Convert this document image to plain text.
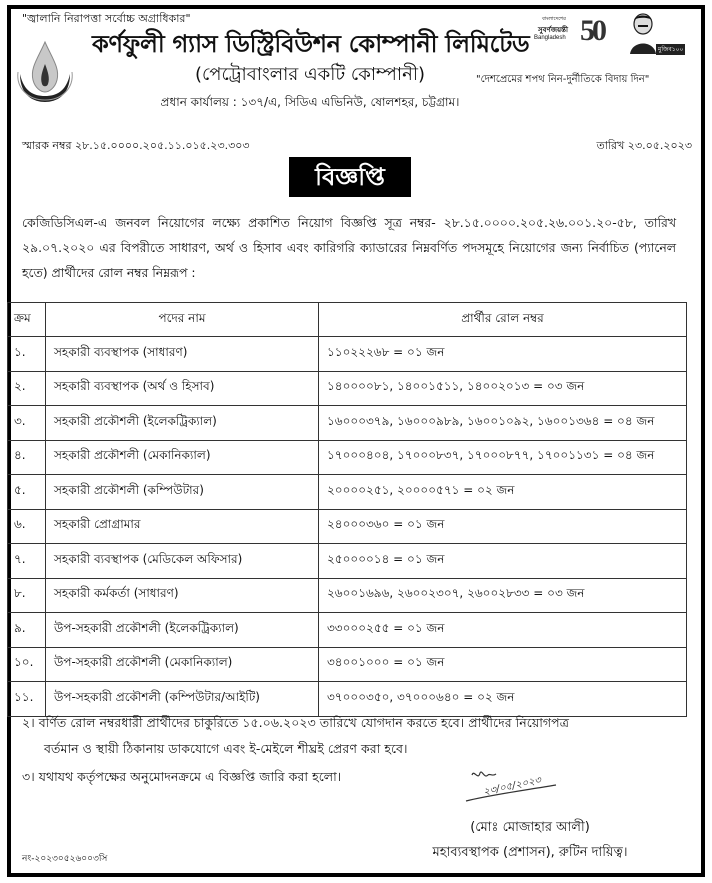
"জ্বালানি নিরাপত্তা সর্বোচ্চ অগ্রাধিকার"
কর্ণফুলী গ্যাস ডিস্ট্রিবিউশন কোম্পানী লিমিটেড
(পেট্রোবাংলার একটি কোম্পানী)	"দেশপ্রেমের শপথ নিন-দুর্নীতিকে বিদায় দিন"
প্রধান কার্যালয় : ১৩৭/এ, সিডিএ এভিনিউ, ষোলশহর, চট্টগ্রাম।
বাংলাদেশের
সুবর্ণজয়ন্তী
Bangladesh 50
মুজিব১০০
স্মারক নম্বর ২৮.১৫.০০০০.২০৫.১১.০১৫.২৩.৩০৩	তারিখ ২৩.০৫.২০২৩
বিজ্ঞপ্তি
কেজিডিসিএল-এ জনবল নিয়োগের লক্ষ্যে প্রকাশিত নিয়োগ বিজ্ঞপ্তি সূত্র নম্বর- ২৮.১৫.০০০০.২০৫.২৬.০০১.২০-৫৮, তারিখ ২৯.০৭.২০২০ এর বিপরীতে সাধারণ, অর্থ ও হিসাব এবং কারিগরি ক্যাডারের নিম্নবর্ণিত পদসমূহে নিয়োগের জন্য নির্বাচিত (প্যানেল হতে) প্রার্থীদের রোল নম্বর নিম্নরূপ :
ক্রম	পদের নাম	প্রার্থীর রোল নম্বর
১.	সহকারী ব্যবস্থাপক (সাধারণ)	১১০২২২৬৮ = ০১ জন
২.	সহকারী ব্যবস্থাপক (অর্থ ও হিসাব)	১৪০০০০৮১, ১৪০০১৫১১, ১৪০০২০১৩ = ০৩ জন
৩.	সহকারী প্রকৌশলী (ইলেকট্রিক্যাল)	১৬০০০৩৭৯, ১৬০০০৯৮৯, ১৬০০১০৯২, ১৬০০১৩৬৪ = ০৪ জন
৪.	সহকারী প্রকৌশলী (মেকানিক্যাল)	১৭০০০৪০৪, ১৭০০০৮৩৭, ১৭০০০৮৭৭, ১৭০০১১৩১ = ০৪ জন
৫.	সহকারী প্রকৌশলী (কম্পিউটার)	২০০০০২৫১, ২০০০০৫৭১ = ০২ জন
৬.	সহকারী প্রোগ্রামার	২৪০০০৩৬০ = ০১ জন
৭.	সহকারী ব্যবস্থাপক (মেডিকেল অফিসার)	২৫০০০০১৪ = ০১ জন
৮.	সহকারী কর্মকর্তা (সাধারণ)	২৬০০১৬৯৬, ২৬০০২৩০৭, ২৬০০২৮৩৩ = ০৩ জন
৯.	উপ-সহকারী প্রকৌশলী (ইলেকট্রিক্যাল)	৩৩০০০২৫৫ = ০১ জন
১০.	উপ-সহকারী প্রকৌশলী (মেকানিক্যাল)	৩৪০০১০০০ = ০১ জন
১১.	উপ-সহকারী প্রকৌশলী (কম্পিউটার/আইটি)	৩৭০০০৩৫০, ৩৭০০০৬৪০ = ০২ জন
২। বর্ণিত রোল নম্বরধারী প্রার্থীদের চাকুরিতে ১৫.০৬.২০২৩ তারিখে যোগদান করতে হবে। প্রার্থীদের নিয়োগপত্র
বর্তমান ও স্থায়ী ঠিকানায় ডাকযোগে এবং ই-মেইলে শীঘ্রই প্রেরণ করা হবে।
৩। যথাযথ কর্তৃপক্ষের অনুমোদনক্রমে এ বিজ্ঞপ্তি জারি করা হলো।	২৩/০৫/২০২৩
(মোঃ মোজাহার আলী)
মহাব্যবস্থাপক (প্রশাসন), রুটিন দায়িত্ব।
নং-২০২৩০৫২৬০০৩সি
